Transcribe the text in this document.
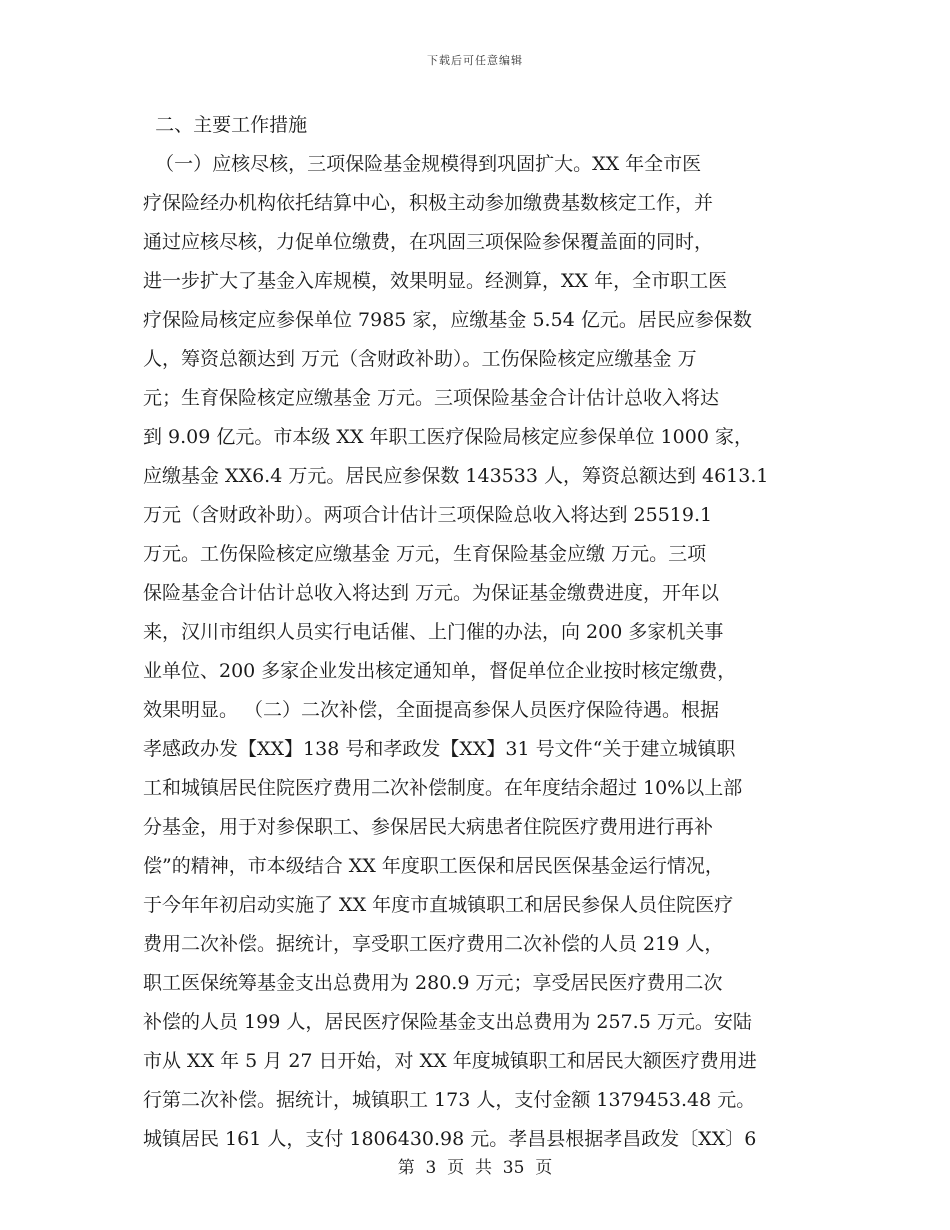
下载后可任意编辑
二、主要工作措施
（一）应核尽核，三项保险基金规模得到巩固扩大。XX 年全市医
疗保险经办机构依托结算中心，积极主动参加缴费基数核定工作，并
通过应核尽核，力促单位缴费，在巩固三项保险参保覆盖面的同时，
进一步扩大了基金入库规模，效果明显。经测算，XX 年，全市职工医
疗保险局核定应参保单位 7985 家，应缴基金 5.54 亿元。居民应参保数
人，筹资总额达到 万元（含财政补助）。工伤保险核定应缴基金 万
元；生育保险核定应缴基金 万元。三项保险基金合计估计总收入将达
到 9.09 亿元。市本级 XX 年职工医疗保险局核定应参保单位 1000 家，
应缴基金 XX6.4 万元。居民应参保数 143533 人，筹资总额达到 4613.1
万元（含财政补助）。两项合计估计三项保险总收入将达到 25519.1
万元。工伤保险核定应缴基金 万元，生育保险基金应缴 万元。三项
保险基金合计估计总收入将达到 万元。为保证基金缴费进度，开年以
来，汉川市组织人员实行电话催、上门催的办法，向 200 多家机关事
业单位、200 多家企业发出核定通知单，督促单位企业按时核定缴费，
效果明显。 （二）二次补偿，全面提高参保人员医疗保险待遇。根据
孝感政办发【XX】138 号和孝政发【XX】31 号文件“关于建立城镇职
工和城镇居民住院医疗费用二次补偿制度。在年度结余超过 10%以上部
分基金，用于对参保职工、参保居民大病患者住院医疗费用进行再补
偿”的精神，市本级结合 XX 年度职工医保和居民医保基金运行情况，
于今年年初启动实施了 XX 年度市直城镇职工和居民参保人员住院医疗
费用二次补偿。据统计，享受职工医疗费用二次补偿的人员 219 人，
职工医保统筹基金支出总费用为 280.9 万元；享受居民医疗费用二次
补偿的人员 199 人，居民医疗保险基金支出总费用为 257.5 万元。安陆
市从 XX 年 5 月 27 日开始，对 XX 年度城镇职工和居民大额医疗费用进
行第二次补偿。据统计，城镇职工 173 人，支付金额 1379453.48 元。
城镇居民 161 人，支付 1806430.98 元。孝昌县根据孝昌政发〔XX〕6
第  3  页  共  35  页
